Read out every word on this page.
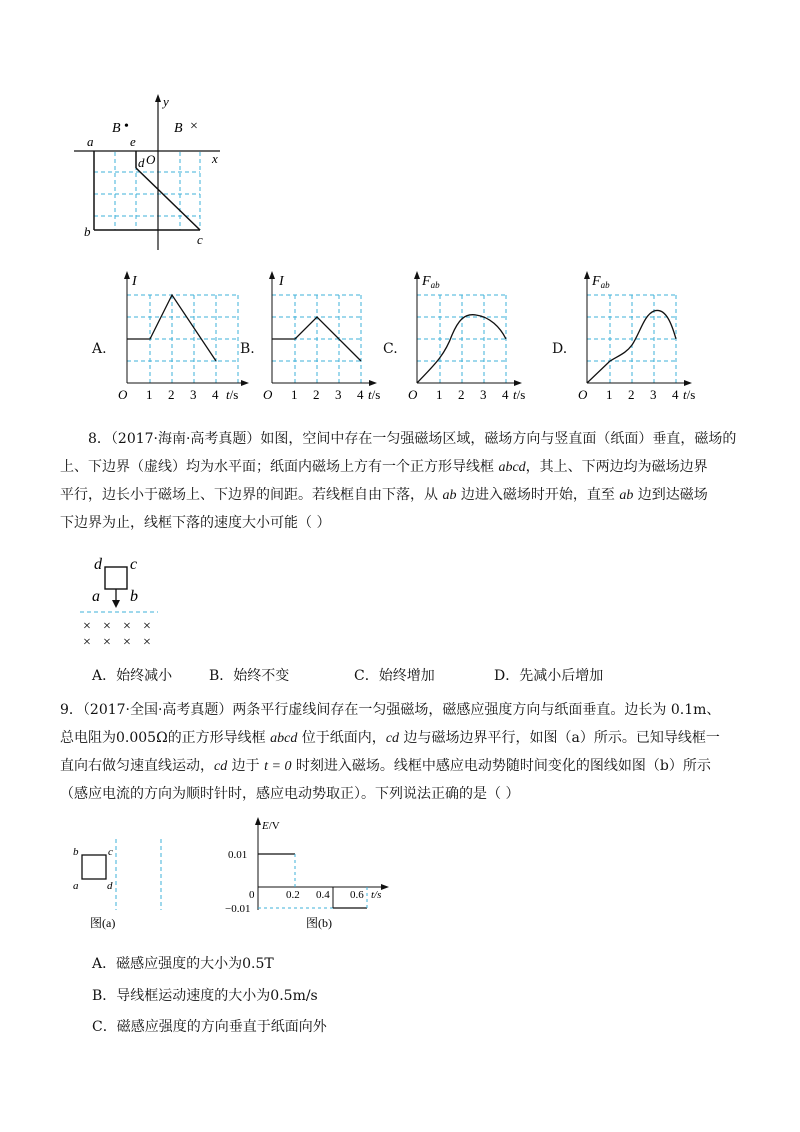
y
x
O
a
b
c
d
e
B •	B ×
A.
I
O 1 2 3 4 t/s
B.
I
O 1 2 3 4 t/s
C.
$F_{ab}$
O 1 2 3 4 t/s
D.
$F_{ab}$
O 1 2 3 4 t/s
8．（2017·海南·高考真题）如图，空间中存在一匀强磁场区域，磁场方向与竖直面（纸面）垂直，磁场的
上、下边界（虚线）均为水平面；纸面内磁场上方有一个正方形导线框 abcd，其上、下两边均为磁场边界
平行，边长小于磁场上、下边界的间距。若线框自由下落，从 ab 边进入磁场时开始，直至 ab 边到达磁场
下边界为止，线框下落的速度大小可能（ ）
d c
a b
× × × ×
× × × ×
A．始终减小	B．始终不变	C．始终增加	D．先减小后增加
9．（2017·全国·高考真题）两条平行虚线间存在一匀强磁场，磁感应强度方向与纸面垂直。边长为 0.1m、
总电阻为0.005Ω的正方形导线框 abcd 位于纸面内，cd 边与磁场边界平行，如图（a）所示。已知导线框一
直向右做匀速直线运动，cd 边于 t = 0 时刻进入磁场。线框中感应电动势随时间变化的图线如图（b）所示
（感应电流的方向为顺时针时，感应电动势取正）。下列说法正确的是（ ）
b	c
a	d
图(a)
E/V
0.01
−0.01
0	0.2 0.4 0.6 t/s
图(b)
A．磁感应强度的大小为0.5T
B．导线框运动速度的大小为0.5m/s
C．磁感应强度的方向垂直于纸面向外
